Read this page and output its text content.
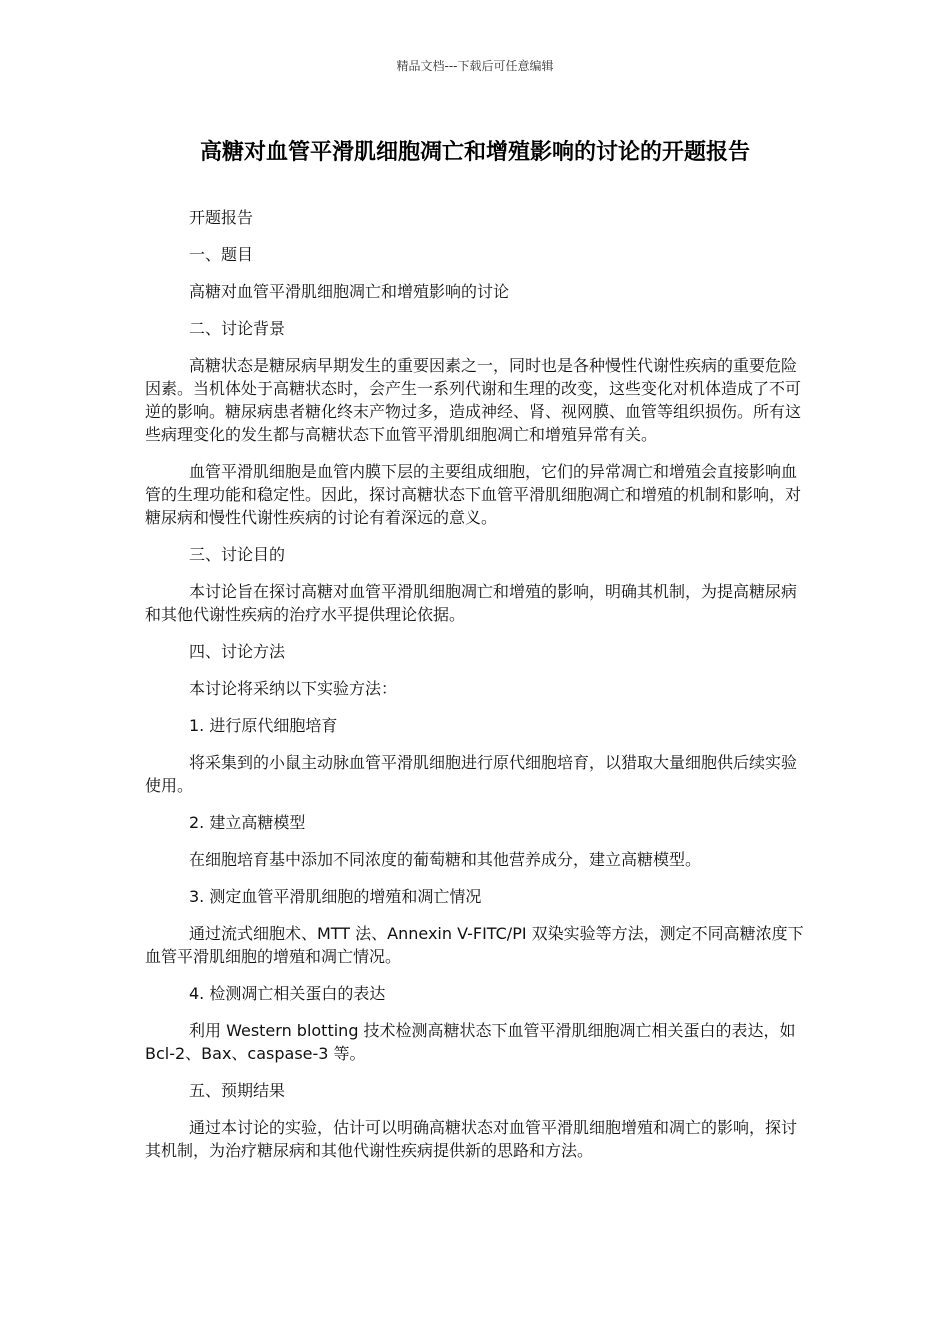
精品文档---下载后可任意编辑
高糖对血管平滑肌细胞凋亡和增殖影响的讨论的开题报告

开题报告

一、题目

高糖对血管平滑肌细胞凋亡和增殖影响的讨论

二、讨论背景

高糖状态是糖尿病早期发生的重要因素之一，同时也是各种慢性代谢性疾病的重要危险因素。当机体处于高糖状态时，会产生一系列代谢和生理的改变，这些变化对机体造成了不可逆的影响。糖尿病患者糖化终末产物过多，造成神经、肾、视网膜、血管等组织损伤。所有这些病理变化的发生都与高糖状态下血管平滑肌细胞凋亡和增殖异常有关。

血管平滑肌细胞是血管内膜下层的主要组成细胞，它们的异常凋亡和增殖会直接影响血管的生理功能和稳定性。因此，探讨高糖状态下血管平滑肌细胞凋亡和增殖的机制和影响，对糖尿病和慢性代谢性疾病的讨论有着深远的意义。

三、讨论目的

本讨论旨在探讨高糖对血管平滑肌细胞凋亡和增殖的影响，明确其机制，为提高糖尿病和其他代谢性疾病的治疗水平提供理论依据。

四、讨论方法

本讨论将采纳以下实验方法：

1. 进行原代细胞培育

将采集到的小鼠主动脉血管平滑肌细胞进行原代细胞培育，以猎取大量细胞供后续实验使用。

2. 建立高糖模型

在细胞培育基中添加不同浓度的葡萄糖和其他营养成分，建立高糖模型。

3. 测定血管平滑肌细胞的增殖和凋亡情况

通过流式细胞术、MTT 法、Annexin V-FITC/PI 双染实验等方法，测定不同高糖浓度下血管平滑肌细胞的增殖和凋亡情况。

4. 检测凋亡相关蛋白的表达

利用 Western blotting 技术检测高糖状态下血管平滑肌细胞凋亡相关蛋白的表达，如 Bcl-2、Bax、caspase-3 等。

五、预期结果

通过本讨论的实验，估计可以明确高糖状态对血管平滑肌细胞增殖和凋亡的影响，探讨其机制，为治疗糖尿病和其他代谢性疾病提供新的思路和方法。
